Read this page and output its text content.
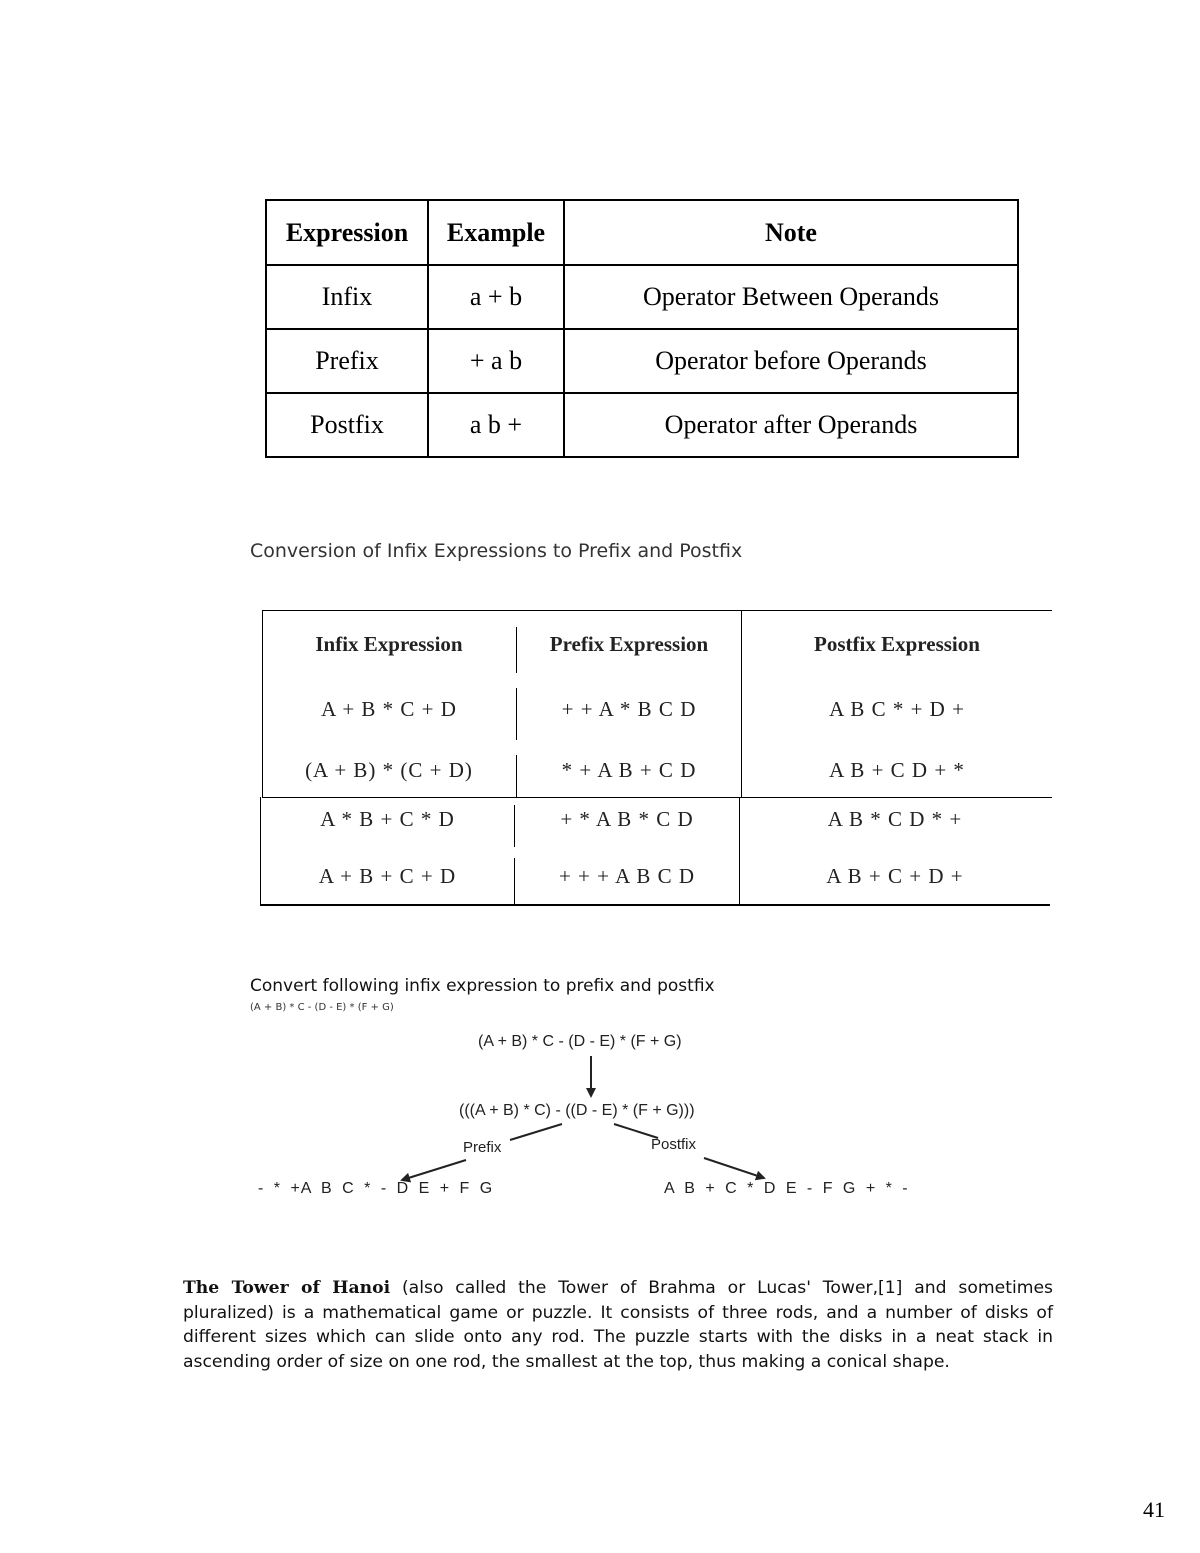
Expression	Example	Note
Infix	a + b	Operator Between Operands
Prefix	+ a b	Operator before Operands
Postfix	a b +	Operator after Operands
Conversion of Infix Expressions to Prefix and Postfix
Infix Expression	Prefix Expression	Postfix Expression
A + B * C + D	+ + A * B C D	A B C * + D +
(A + B) * (C + D)	* + A B + C D	A B + C D + *
A * B + C * D	+ * A B * C D	A B * C D * +
A + B + C + D	+ + + A B C D	A B + C + D +
Convert following infix expression to prefix and postfix
(A + B) * C - (D - E) * (F + G)
(A + B) * C - (D - E) * (F + G)
(((A + B) * C) - ((D - E) * (F + G)))
Prefix	Postfix
- * +A B C * - D E + F G	A B + C * D E - F G + * -
The Tower of Hanoi (also called the Tower of Brahma or Lucas' Tower,[1] and sometimes pluralized) is a mathematical game or puzzle. It consists of three rods, and a number of disks of different sizes which can slide onto any rod. The puzzle starts with the disks in a neat stack in ascending order of size on one rod, the smallest at the top, thus making a conical shape.
41
